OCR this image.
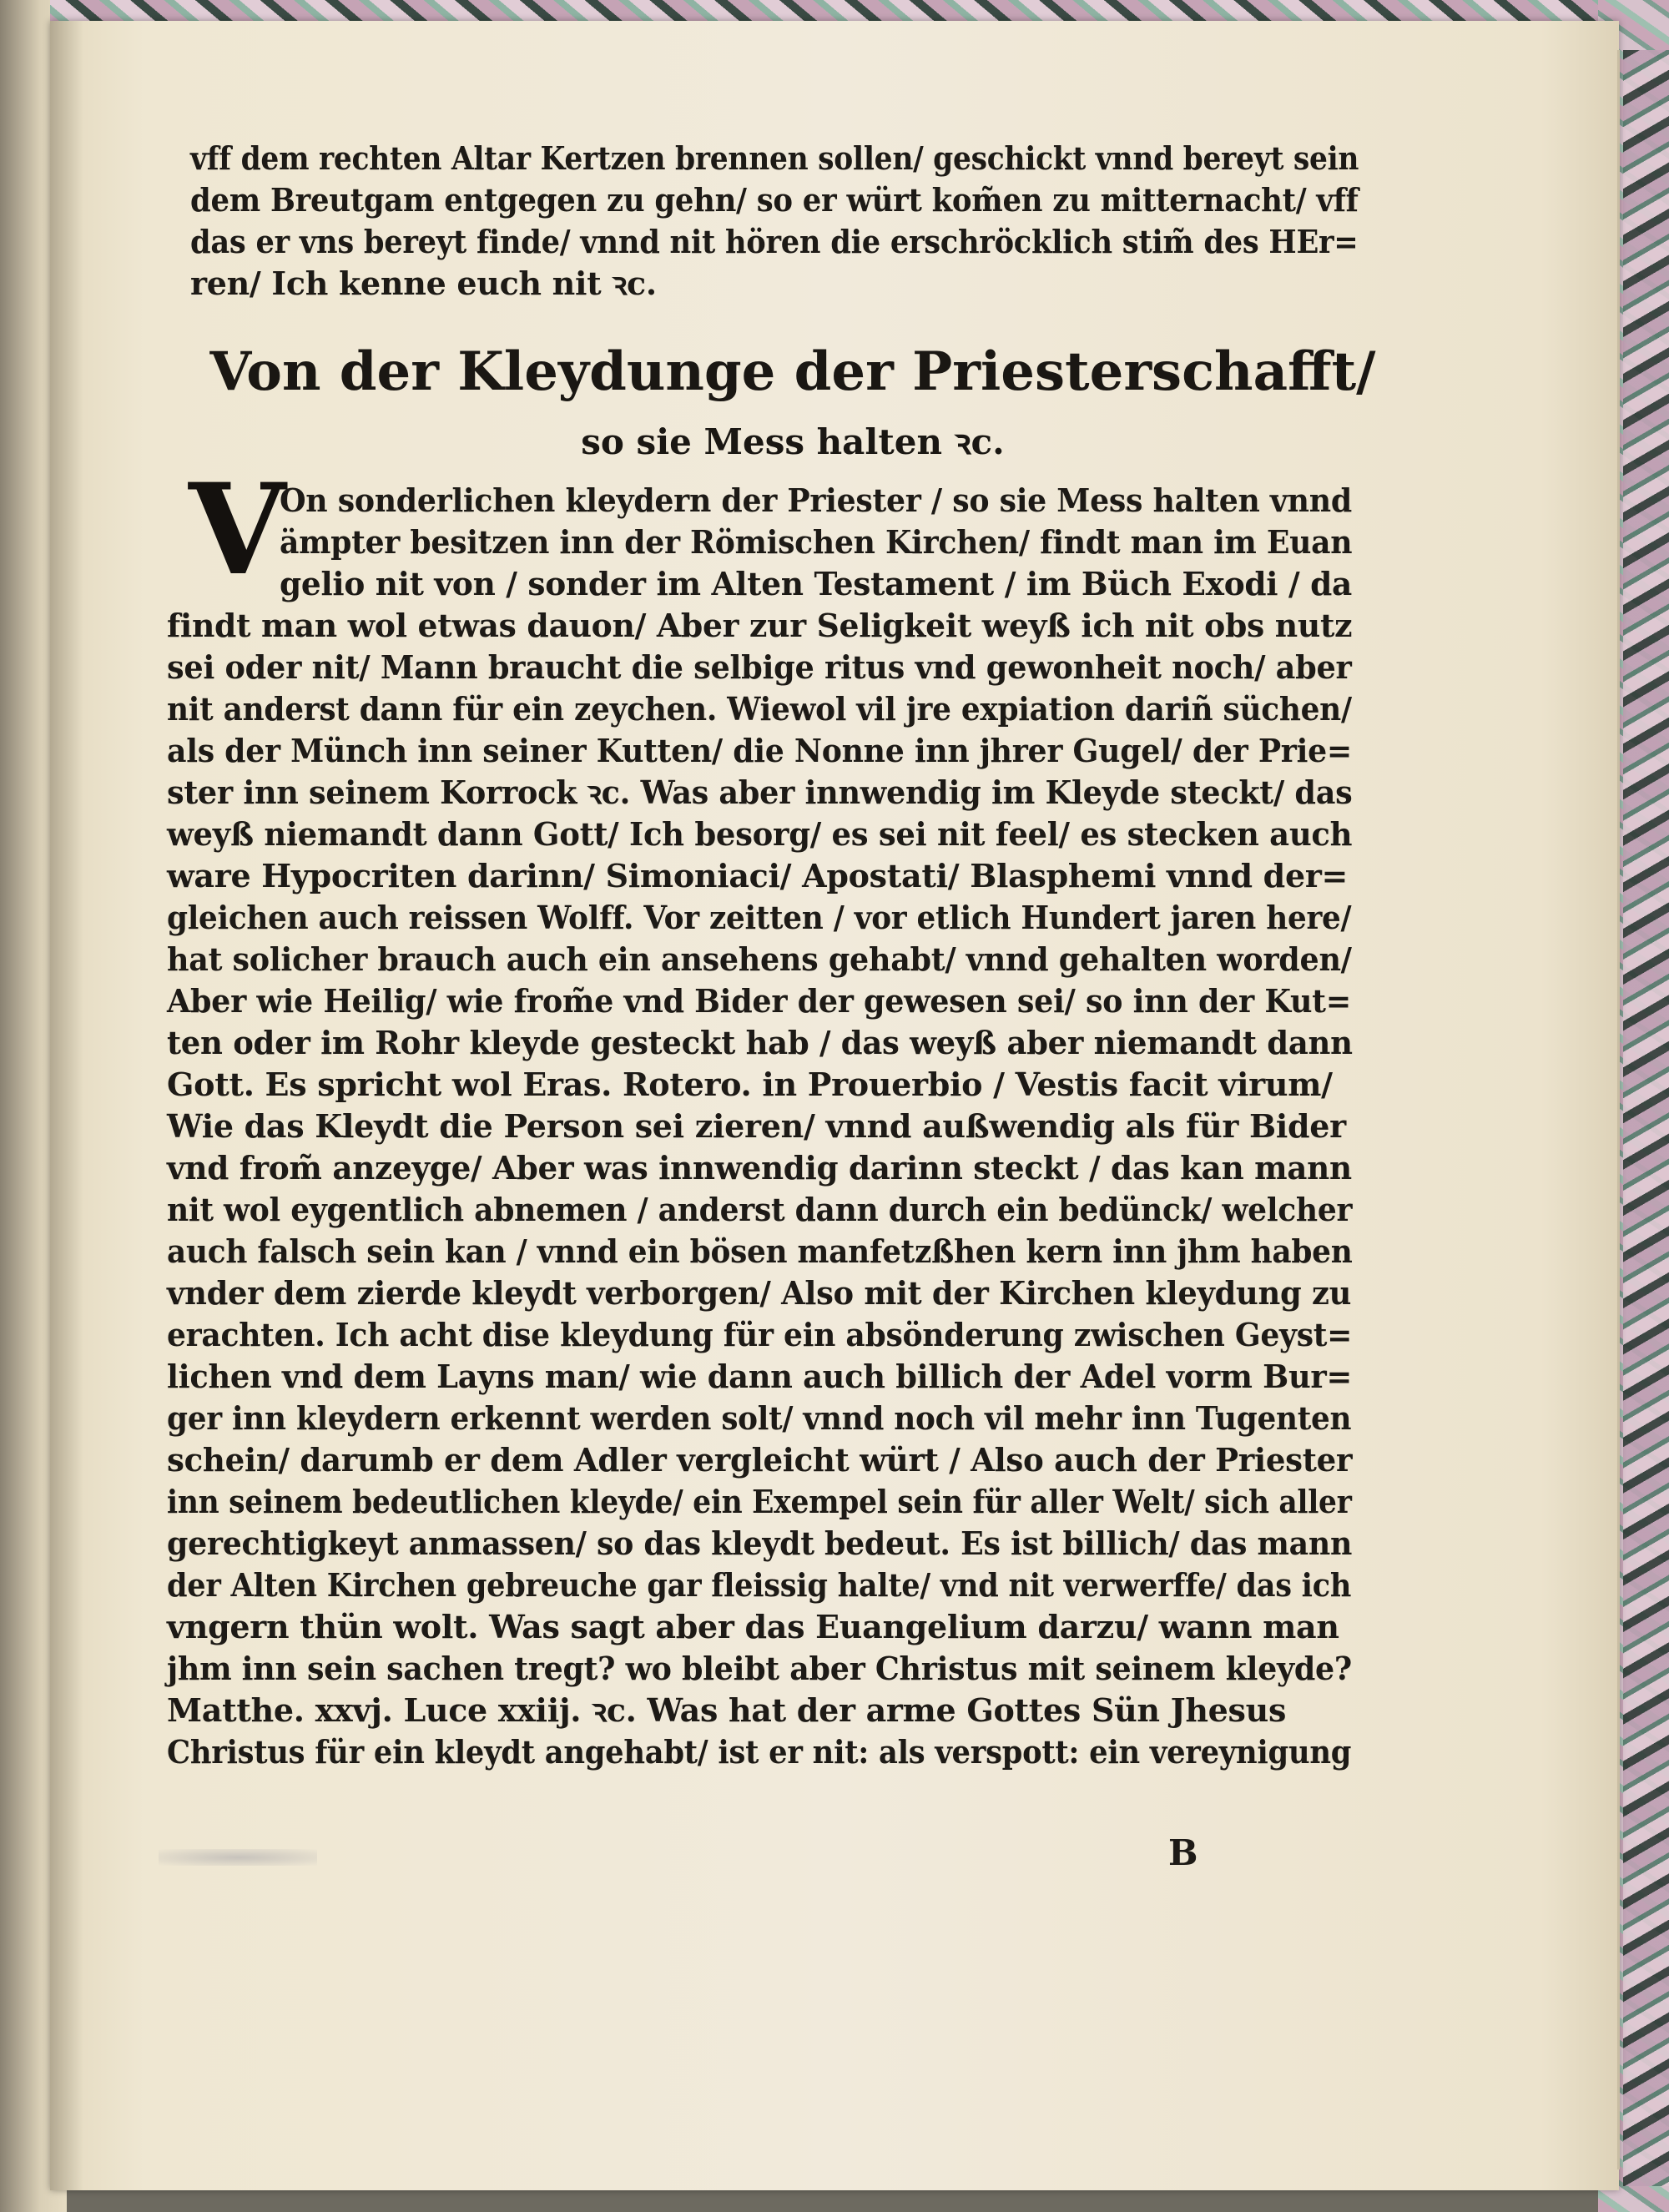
vff dem rechten Altar Kertzen brennen sollen/ geschickt vnnd bereyt sein
dem Breutgam entgegen zu gehn/ so er würt kom̃en zu mitternacht/ vff
das er vns bereyt finde/ vnnd nit hören die erschröcklich stim̃ des HEr=
ren/ Ich kenne euch nit ꝛc.
Von der Kleydunge der Priesterschafft/
so sie Mess halten ꝛc.
V
On sonderlichen kleydern der Priester / so sie Mess halten vnnd
ämpter besitzen inn der Römischen Kirchen/ findt man im Euan
gelio nit von / sonder im Alten Testament / im Büch Exodi / da
findt man wol etwas dauon/ Aber zur Seligkeit weyß ich nit obs nutz
sei oder nit/ Mann braucht die selbige ritus vnd gewonheit noch/ aber
nit anderst dann für ein zeychen. Wiewol vil jre expiation dariñ süchen/
als der Münch inn seiner Kutten/ die Nonne inn jhrer Gugel/ der Prie=
ster inn seinem Korrock ꝛc. Was aber innwendig im Kleyde steckt/ das
weyß niemandt dann Gott/ Ich besorg/ es sei nit feel/ es stecken auch
ware Hypocriten darinn/ Simoniaci/ Apostati/ Blasphemi vnnd der=
gleichen auch reissen Wolff. Vor zeitten / vor etlich Hundert jaren here/
hat solicher brauch auch ein ansehens gehabt/ vnnd gehalten worden/
Aber wie Heilig/ wie from̃e vnd Bider der gewesen sei/ so inn der Kut=
ten oder im Rohr kleyde gesteckt hab / das weyß aber niemandt dann
Gott. Es spricht wol Eras. Rotero. in Prouerbio / Vestis facit virum/
Wie das Kleydt die Person sei zieren/ vnnd außwendig als für Bider
vnd from̃ anzeyge/ Aber was innwendig darinn steckt / das kan mann
nit wol eygentlich abnemen / anderst dann durch ein bedünck/ welcher
auch falsch sein kan / vnnd ein bösen manfetzßhen kern inn jhm haben
vnder dem zierde kleydt verborgen/ Also mit der Kirchen kleydung zu
erachten. Ich acht dise kleydung für ein absönderung zwischen Geyst=
lichen vnd dem Layns man/ wie dann auch billich der Adel vorm Bur=
ger inn kleydern erkennt werden solt/ vnnd noch vil mehr inn Tugenten
schein/ darumb er dem Adler vergleicht würt / Also auch der Priester
inn seinem bedeutlichen kleyde/ ein Exempel sein für aller Welt/ sich aller
gerechtigkeyt anmassen/ so das kleydt bedeut. Es ist billich/ das mann
der Alten Kirchen gebreuche gar fleissig halte/ vnd nit verwerffe/ das ich
vngern thün wolt. Was sagt aber das Euangelium darzu/ wann man
jhm inn sein sachen tregt? wo bleibt aber Christus mit seinem kleyde?
Matthe. xxvj. Luce xxiij. ꝛc. Was hat der arme Gottes Sün Jhesus
Christus für ein kleydt angehabt/ ist er nit: als verspott: ein vereynigung
B
